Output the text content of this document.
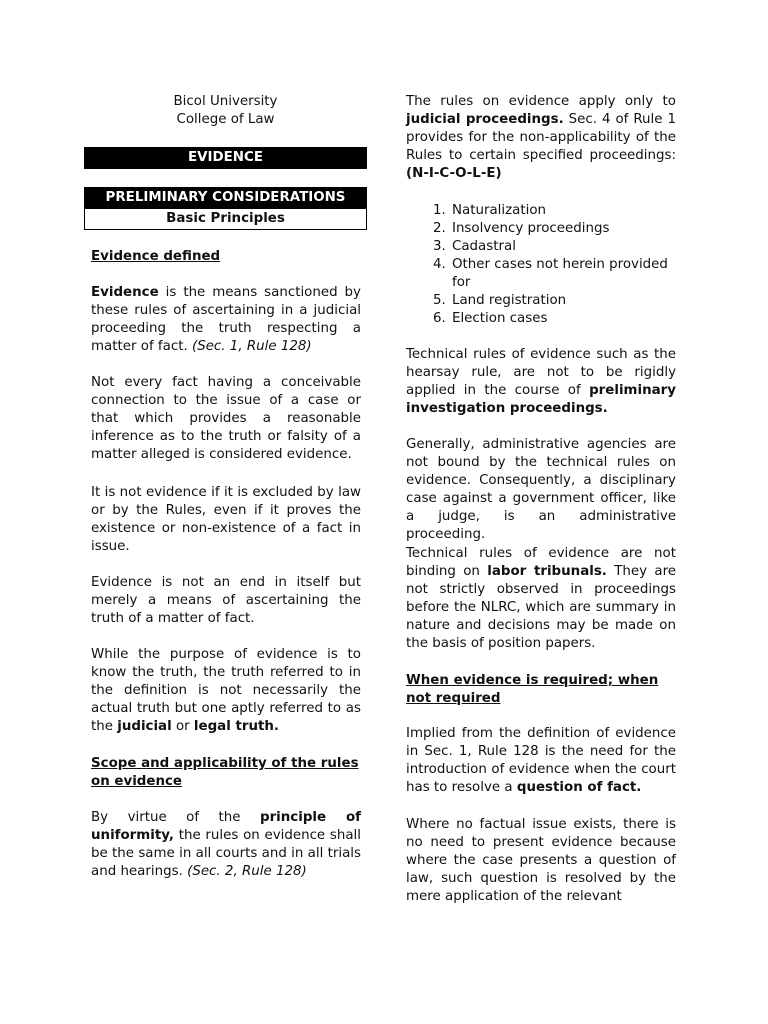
Bicol University
College of Law
EVIDENCE
PRELIMINARY CONSIDERATIONS
Basic Principles

Evidence defined

Evidence is the means sanctioned by these rules of ascertaining in a judicial proceeding the truth respecting a matter of fact. (Sec. 1, Rule 128)

Not every fact having a conceivable connection to the issue of a case or that which provides a reasonable inference as to the truth or falsity of a matter alleged is considered evidence.

It is not evidence if it is excluded by law or by the Rules, even if it proves the existence or non-existence of a fact in issue.

Evidence is not an end in itself but merely a means of ascertaining the truth of a matter of fact.

While the purpose of evidence is to know the truth, the truth referred to in the definition is not necessarily the actual truth but one aptly referred to as the judicial or legal truth.

Scope and applicability of the rules on evidence

By virtue of the principle of uniformity, the rules on evidence shall be the same in all courts and in all trials and hearings. (Sec. 2, Rule 128)

The rules on evidence apply only to judicial proceedings. Sec. 4 of Rule 1 provides for the non-applicability of the Rules to certain specified proceedings: (N-I-C-O-L-E)

1. Naturalization
2. Insolvency proceedings
3. Cadastral
4. Other cases not herein provided for
5. Land registration
6. Election cases

Technical rules of evidence such as the hearsay rule, are not to be rigidly applied in the course of preliminary investigation proceedings.

Generally, administrative agencies are not bound by the technical rules on evidence. Consequently, a disciplinary case against a government officer, like a judge, is an administrative proceeding.

Technical rules of evidence are not binding on labor tribunals. They are not strictly observed in proceedings before the NLRC, which are summary in nature and decisions may be made on the basis of position papers.

When evidence is required; when not required

Implied from the definition of evidence in Sec. 1, Rule 128 is the need for the introduction of evidence when the court has to resolve a question of fact.

Where no factual issue exists, there is no need to present evidence because where the case presents a question of law, such question is resolved by the mere application of the relevant
